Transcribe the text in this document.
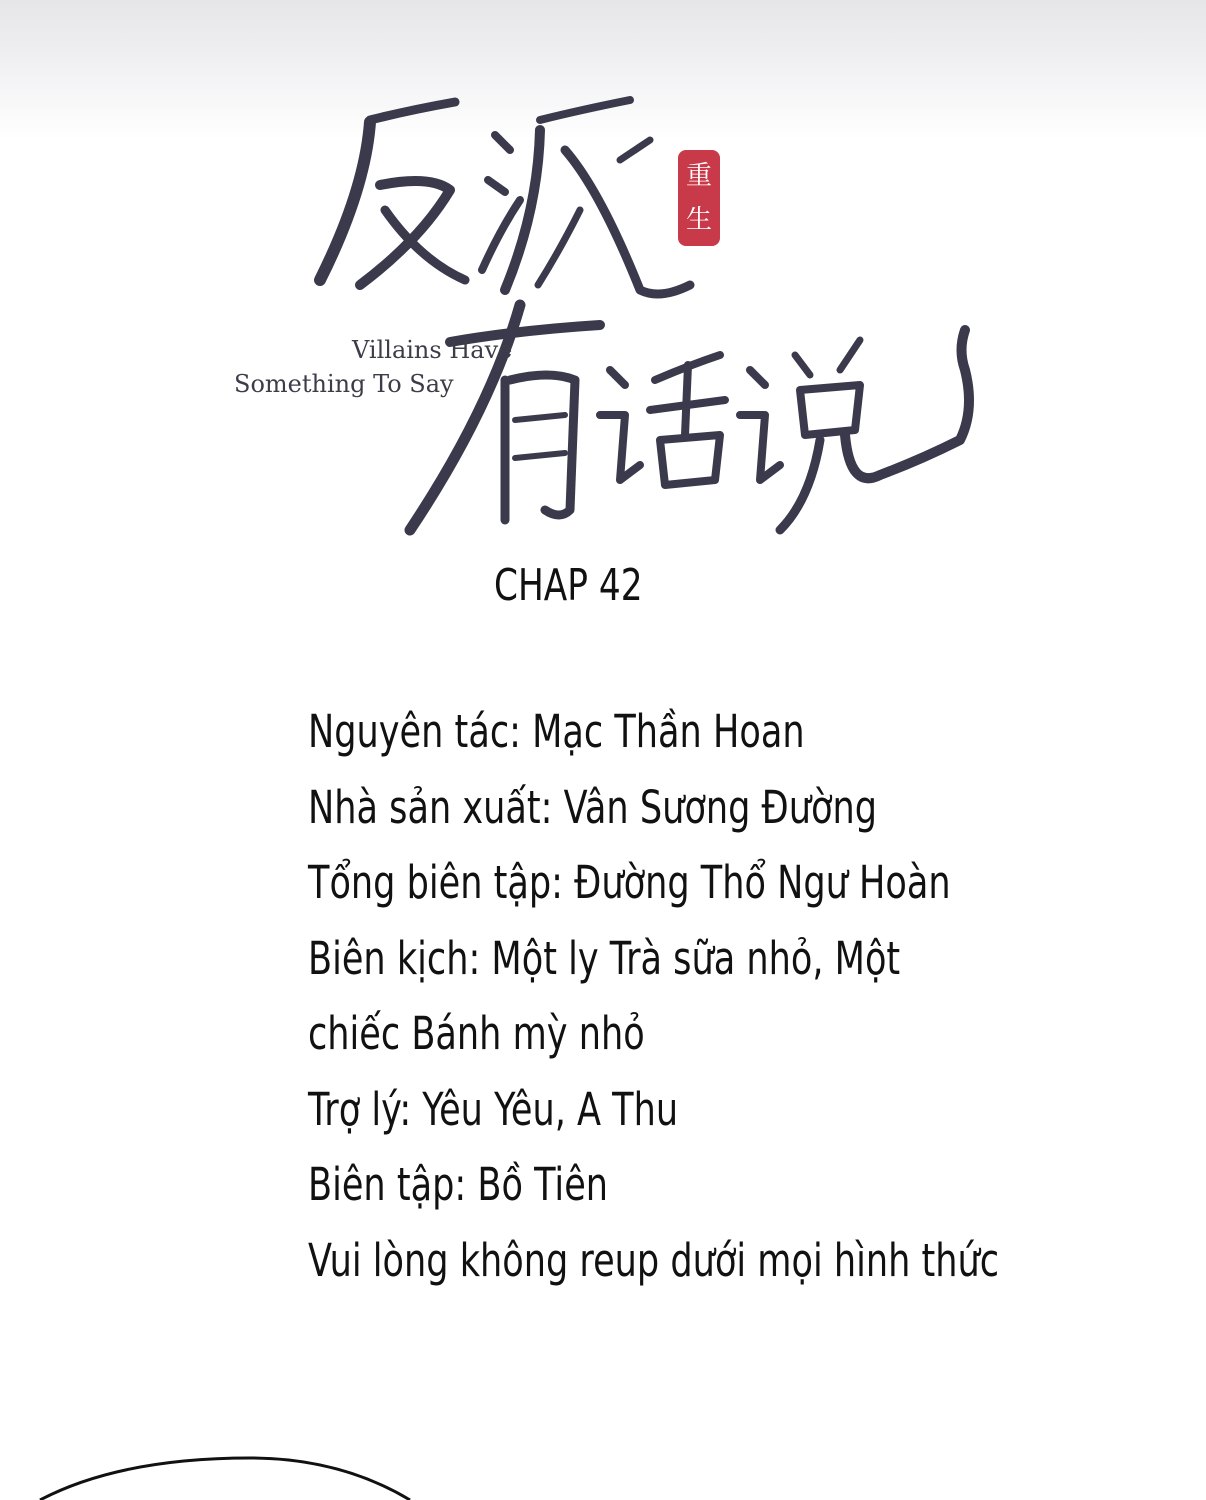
重生
Villains Have
Something To Say
CHAP 42
Nguyên tác: Mạc Thần Hoan
Nhà sản xuất: Vân Sương Đường
Tổng biên tập: Đường Thổ Ngư Hoàn
Biên kịch: Một ly Trà sữa nhỏ, Một
chiếc Bánh mỳ nhỏ
Trợ lý: Yêu Yêu, A Thu
Biên tập: Bồ Tiên
Vui lòng không reup dưới mọi hình thức
